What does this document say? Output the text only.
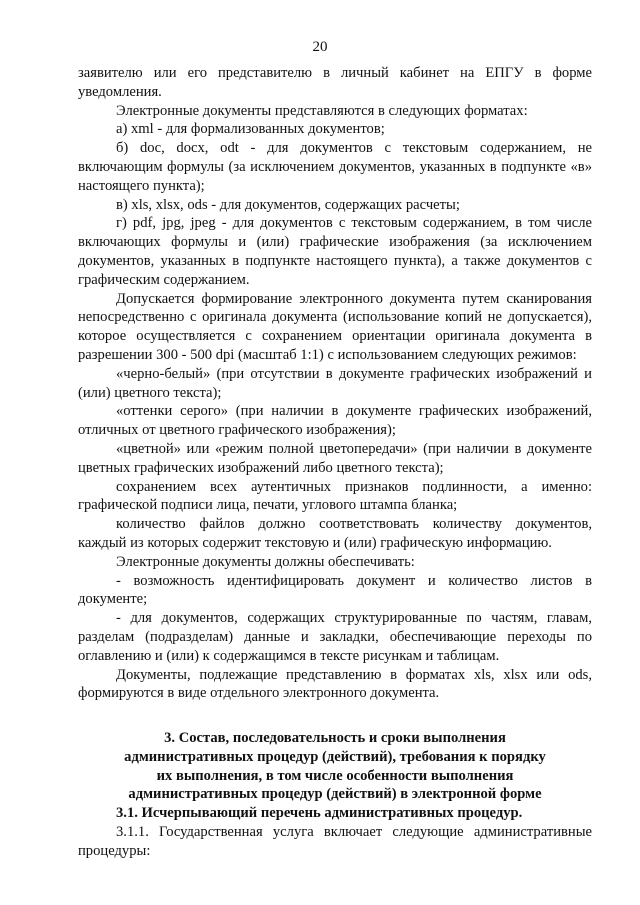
20

заявителю или его представителю в личный кабинет на ЕПГУ в форме уведомления.

Электронные документы представляются в следующих форматах:

а) xml - для формализованных документов;

б) doc, docx, odt - для документов с текстовым содержанием, не включающим формулы (за исключением документов, указанных в подпункте «в» настоящего пункта);

в) xls, xlsx, ods - для документов, содержащих расчеты;

г) pdf, jpg, jpeg - для документов с текстовым содержанием, в том числе включающих формулы и (или) графические изображения (за исключением документов, указанных в подпункте настоящего пункта), а также документов с графическим содержанием.

Допускается формирование электронного документа путем сканирования непосредственно с оригинала документа (использование копий не допускается), которое осуществляется с сохранением ориентации оригинала документа в разрешении 300 - 500 dpi (масштаб 1:1) с использованием следующих режимов:

«черно-белый» (при отсутствии в документе графических изображений и (или) цветного текста);

«оттенки серого» (при наличии в документе графических изображений, отличных от цветного графического изображения);

«цветной» или «режим полной цветопередачи» (при наличии в документе цветных графических изображений либо цветного текста);

сохранением всех аутентичных признаков подлинности, а именно: графической подписи лица, печати, углового штампа бланка;

количество файлов должно соответствовать количеству документов, каждый из которых содержит текстовую и (или) графическую информацию.

Электронные документы должны обеспечивать:

- возможность идентифицировать документ и количество листов в документе;

- для документов, содержащих структурированные по частям, главам, разделам (подразделам) данные и закладки, обеспечивающие переходы по оглавлению и (или) к содержащимся в тексте рисункам и таблицам.

Документы, подлежащие представлению в форматах xls, xlsx или ods, формируются в виде отдельного электронного документа.

3. Состав, последовательность и сроки выполнения
административных процедур (действий), требования к порядку
их выполнения, в том числе особенности выполнения
административных процедур (действий) в электронной форме

3.1. Исчерпывающий перечень административных процедур.

3.1.1. Государственная услуга включает следующие административные процедуры:
